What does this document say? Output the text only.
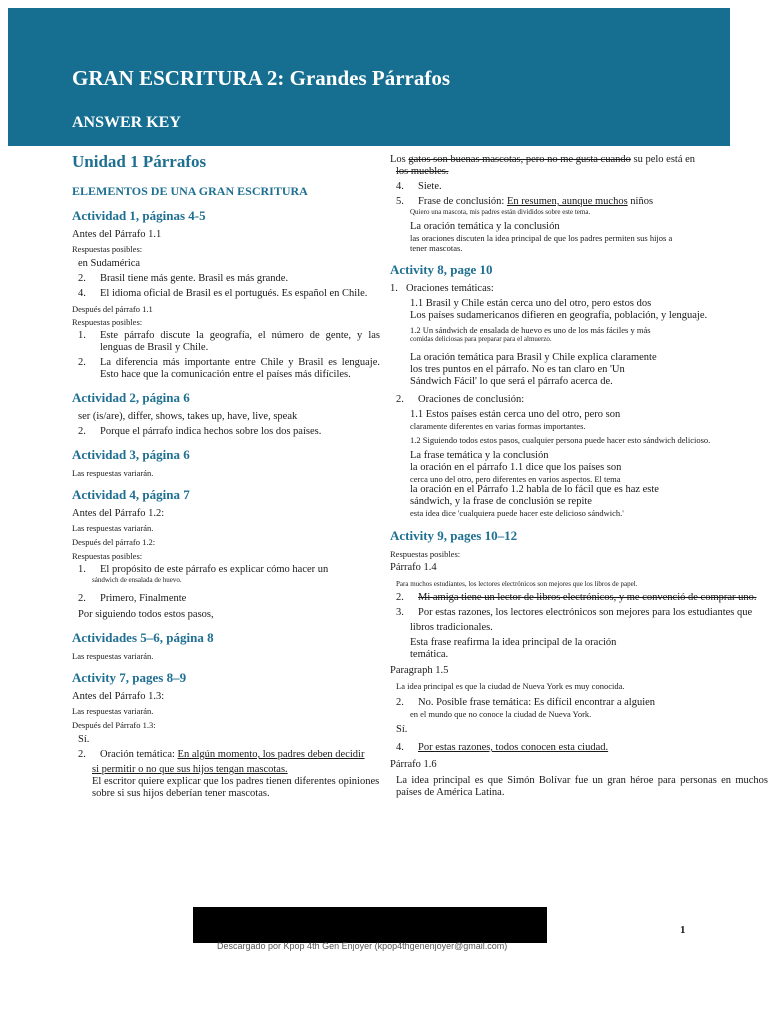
GRAN ESCRITURA 2: Grandes Párrafos
ANSWER KEY
Unidad 1 Párrafos
ELEMENTOS DE UNA GRAN ESCRITURA
Actividad 1, páginas 4-5

Antes del Párrafo 1.1

Respuestas posibles:

en Sudamérica

2.	Brasil tiene más gente. Brasil es más grande.
4.	El idioma oficial de Brasil es el portugués. Es español en Chile.

Después del párrafo 1.1

Respuestas posibles:

1.	Este párrafo discute la geografía, el número de gente, y las lenguas de Brasil y Chile.
2.	La diferencia más importante entre Chile y Brasil es lenguaje. Esto hace que la comunicación entre el países más difíciles.
Actividad 2, página 6

ser (is/are), differ, shows, takes up, have, live, speak

2.	Porque el párrafo indica hechos sobre los dos países.
Actividad 3, página 6

Las respuestas variarán.

Actividad 4, página 7

Antes del Párrafo 1.2:

Las respuestas variarán.

Después del párrafo 1.2:

Respuestas posibles:

1.	El propósito de este párrafo es explicar cómo hacer un

sándwich de ensalada de huevo.

2.	Primero, Finalmente

Por siguiendo todos estos pasos,

Actividades 5–6, página 8

Las respuestas variarán.

Activity 7, pages 8–9

Antes del Párrafo 1.3:

Las respuestas variarán.

Después del Párrafo 1.3:

Sí.

2.	Oración temática: En algún momento, los padres deben decidir

si permitir o no que sus hijos tengan mascotas.

El escritor quiere explicar que los padres tienen diferentes opiniones sobre si sus hijos deberían tener mascotas.

Los gatos son buenas mascotas, pero no me gusta cuando su pelo está en

los muebles.

4.	Siete.
5.	Frase de conclusión: En resumen, aunque muchos niños

Quiero una mascota, mis padres están divididos sobre este tema.

La oración temática y la conclusión

las oraciones discuten la idea principal de que los padres permiten sus hijos a tener mascotas.

Activity 8, page 10
1. Oraciones temáticas:

1.1 Brasil y Chile están cerca uno del otro, pero estos dos

Los países sudamericanos difieren en geografía, población, y lenguaje.

1.2 Un sándwich de ensalada de huevo es uno de los más fáciles y más

comidas deliciosas para preparar para el almuerzo.

La oración temática para Brasil y Chile explica claramente los tres puntos en el párrafo. No es tan claro en 'Un Sándwich Fácil' lo que será el párrafo acerca de.

2.	Oraciones de conclusión:

1.1 Estos países están cerca uno del otro, pero son

claramente diferentes en varias formas importantes.

1.2 Siguiendo todos estos pasos, cualquier persona puede hacer esto sándwich delicioso.

La frase temática y la conclusión

la oración en el párrafo 1.1 dice que los países son

cerca uno del otro, pero diferentes en varios aspectos. El tema

la oración en el Párrafo 1.2 habla de lo fácil que es haz este sándwich, y la frase de conclusión se repite

esta idea dice 'cualquiera puede hacer este delicioso sándwich.'

Activity 9, pages 10–12

Respuestas posibles:

Párrafo 1.4

Para muchos estudiantes, los lectores electrónicos son mejores que los libros de papel.

2.	Mi amiga tiene un lector de libros electrónicos, y me convenció de comprar uno.
3.	Por estas razones, los lectores electrónicos son mejores para los estudiantes que

libros tradicionales.

Esta frase reafirma la idea principal de la oración temática.

Paragraph 1.5

La idea principal es que la ciudad de Nueva York es muy conocida.

2.	No. Posible frase temática: Es difícil encontrar a alguien

en el mundo que no conoce la ciudad de Nueva York.

Sí.

4.	Por estas razones, todos conocen esta ciudad.

Párrafo 1.6

La idea principal es que Simón Bolívar fue un gran héroe para personas en muchos países de América Latina.

Descargado por Kpop 4th Gen Enjoyer (kpop4thgenenjoyer@gmail.com)
1
